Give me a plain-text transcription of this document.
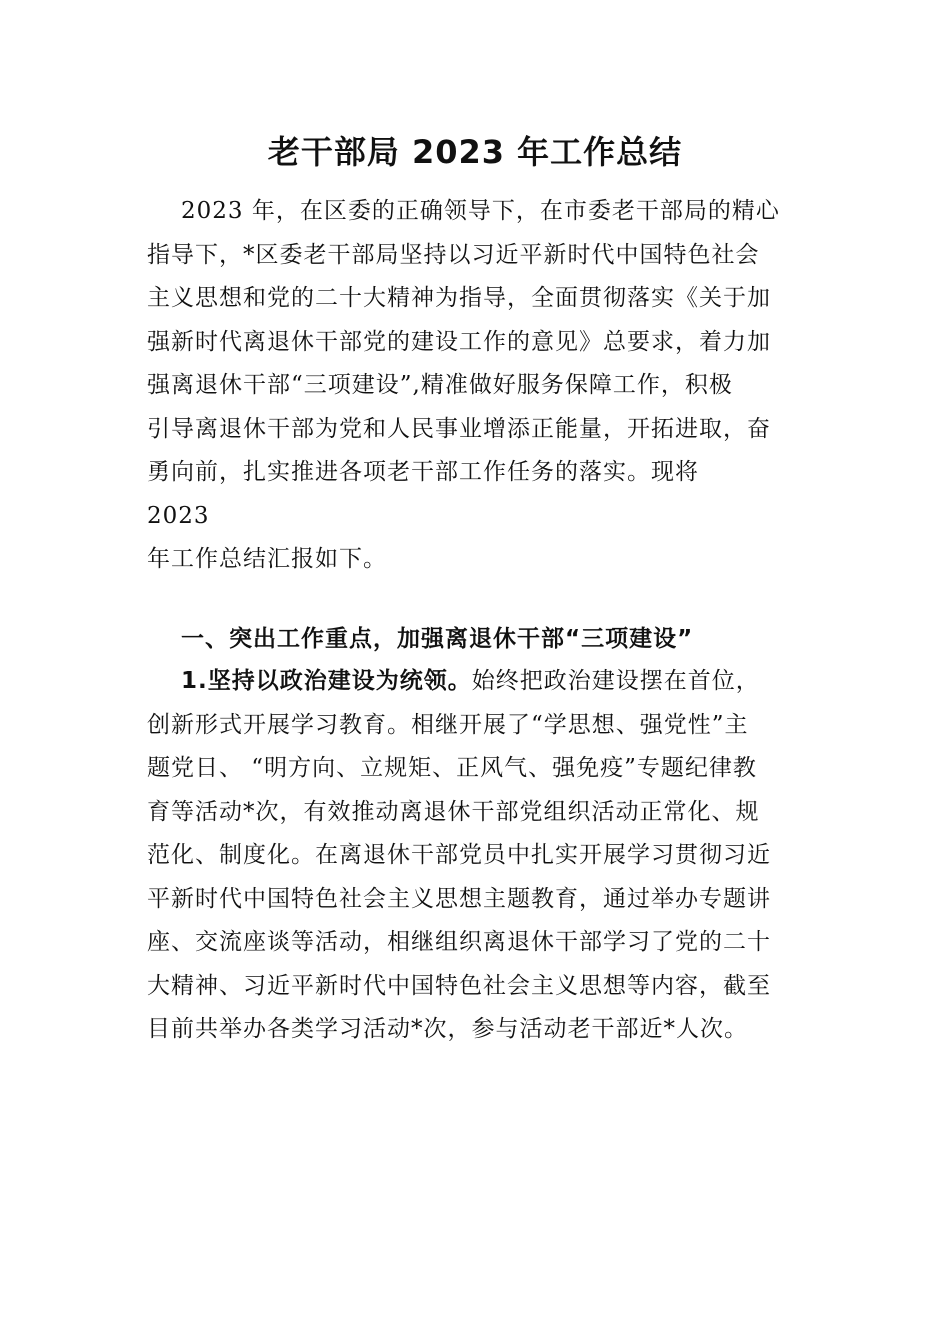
老干部局 2023 年工作总结

2023 年，在区委的正确领导下，在市委老干部局的精心
指导下，*区委老干部局坚持以习近平新时代中国特色社会
主义思想和党的二十大精神为指导，全面贯彻落实《关于加
强新时代离退休干部党的建设工作的意见》总要求，着力加
强离退休干部“三项建设”,精准做好服务保障工作，积极
引导离退休干部为党和人民事业增添正能量，开拓进取，奋
勇向前，扎实推进各项老干部工作任务的落实。现将
2023
年工作总结汇报如下。

一、突出工作重点，加强离退休干部“三项建设”

1.坚持以政治建设为统领。始终把政治建设摆在首位，
创新形式开展学习教育。相继开展了“学思想、强党性”主
题党日、 “明方向、立规矩、正风气、强免疫”专题纪律教
育等活动*次，有效推动离退休干部党组织活动正常化、规
范化、制度化。在离退休干部党员中扎实开展学习贯彻习近
平新时代中国特色社会主义思想主题教育，通过举办专题讲
座、交流座谈等活动，相继组织离退休干部学习了党的二十
大精神、习近平新时代中国特色社会主义思想等内容，截至
目前共举办各类学习活动*次，参与活动老干部近*人次。
